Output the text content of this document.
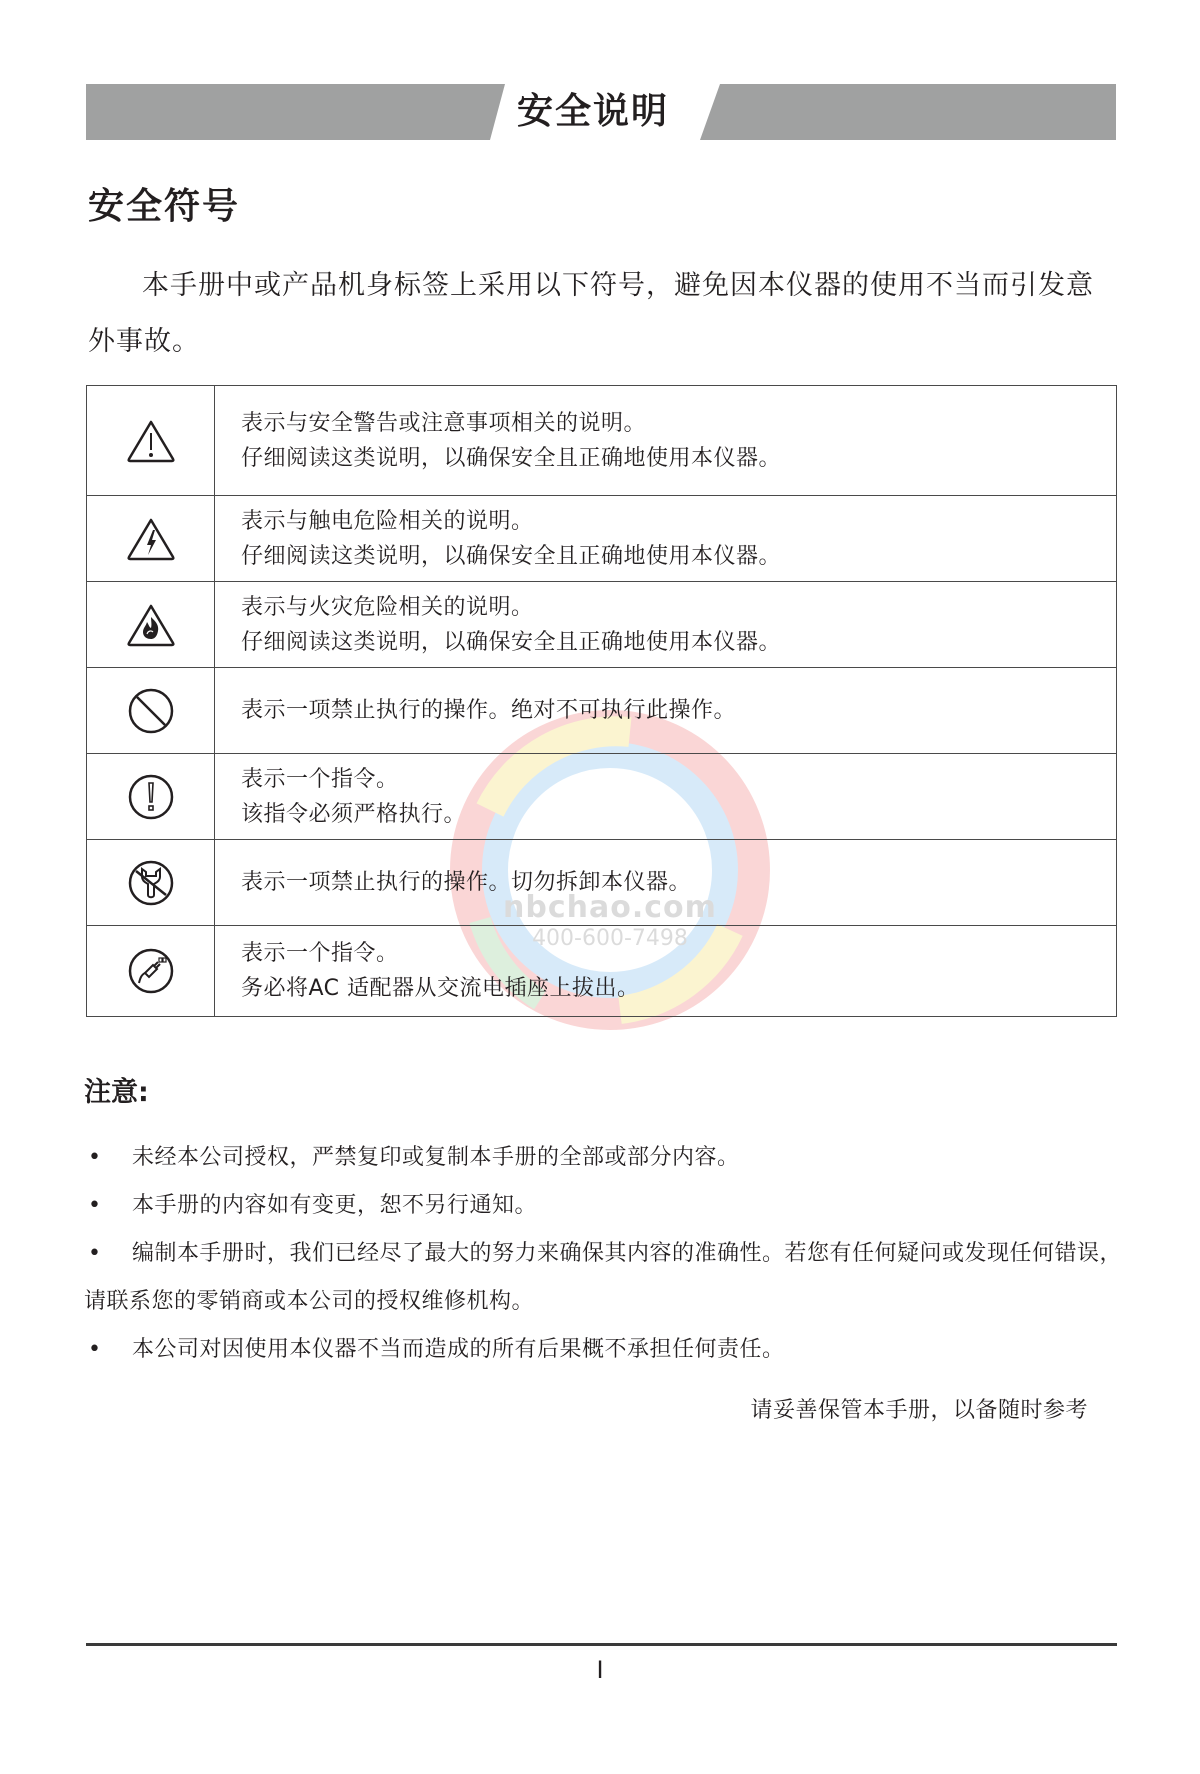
安全说明
安全符号
本手册中或产品机身标签上采用以下符号，避免因本仪器的使用不当而引发意外事故。
nbchao.com
400-600-7498

表示与安全警告或注意事项相关的说明。
仔细阅读这类说明，以确保安全且正确地使用本仪器。

表示与触电危险相关的说明。
仔细阅读这类说明，以确保安全且正确地使用本仪器。

表示与火灾危险相关的说明。
仔细阅读这类说明，以确保安全且正确地使用本仪器。

表示一项禁止执行的操作。绝对不可执行此操作。

表示一个指令。
该指令必须严格执行。

表示一项禁止执行的操作。切勿拆卸本仪器。

表示一个指令。
务必将AC 适配器从交流电插座上拔出。
注意:
•	未经本公司授权，严禁复印或复制本手册的全部或部分内容。
•	本手册的内容如有变更，恕不另行通知。
•	编制本手册时，我们已经尽了最大的努力来确保其内容的准确性。若您有任何疑问或发现任何错误，请联系您的零销商或本公司的授权维修机构。
•	本公司对因使用本仪器不当而造成的所有后果概不承担任何责任。
请妥善保管本手册，以备随时参考
I
